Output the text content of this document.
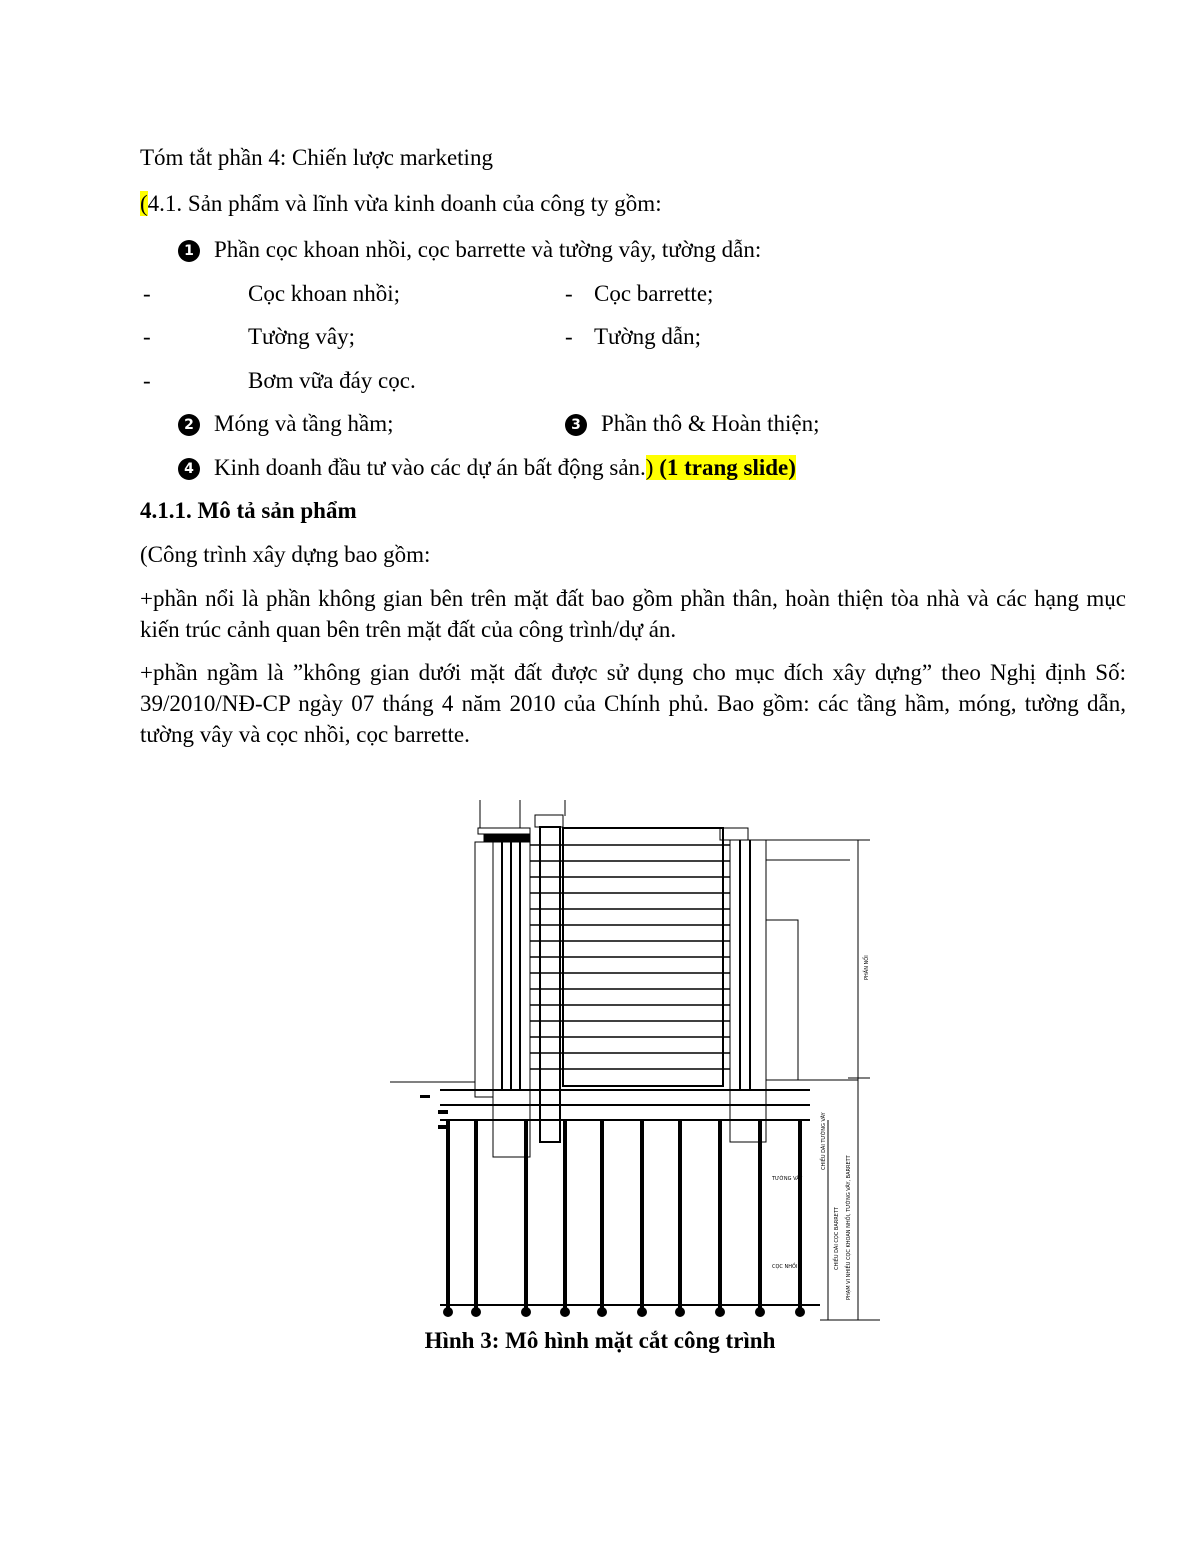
Tóm tắt phần 4: Chiến lược marketing
(4.1. Sản phẩm và lĩnh vừa kinh doanh của công ty gồm:
1 Phần cọc khoan nhồi, cọc barrette và tường vây, tường dẫn:
-	Cọc khoan nhồi;	- Cọc barrette;
-	Tường vây;	- Tường dẫn;
-	Bơm vữa đáy cọc.
2 Móng và tầng hầm;	3 Phần thô & Hoàn thiện;
4 Kinh doanh đầu tư vào các dự án bất động sản.) (1 trang slide)
4.1.1. Mô tả sản phẩm
(Công trình xây dựng bao gồm:
+phần nổi là phần không gian bên trên mặt đất bao gồm phần thân, hoàn thiện tòa nhà và các hạng mục kiến trúc cảnh quan bên trên mặt đất của công trình/dự án.
+phần ngầm là ”không gian dưới mặt đất được sử dụng cho mục đích xây dựng” theo Nghị định Số: 39/2010/NĐ-CP ngày 07 tháng 4 năm 2010 của Chính phủ. Bao gồm: các tầng hầm, móng, tường dẫn, tường vây và cọc nhồi, cọc barrette.
PHẦN NỔI
CHIỀU DÀI TƯỜNG VÂY
TƯỜNG VÂY
CỌC NHỒI	CHIỀU DÀI CỌC BARRETT	PHẠM VI NHIỀU CỌC KHOAN NHỒI, TƯỜNG VÂY, BARRETT
Hình 3: Mô hình mặt cắt công trình
